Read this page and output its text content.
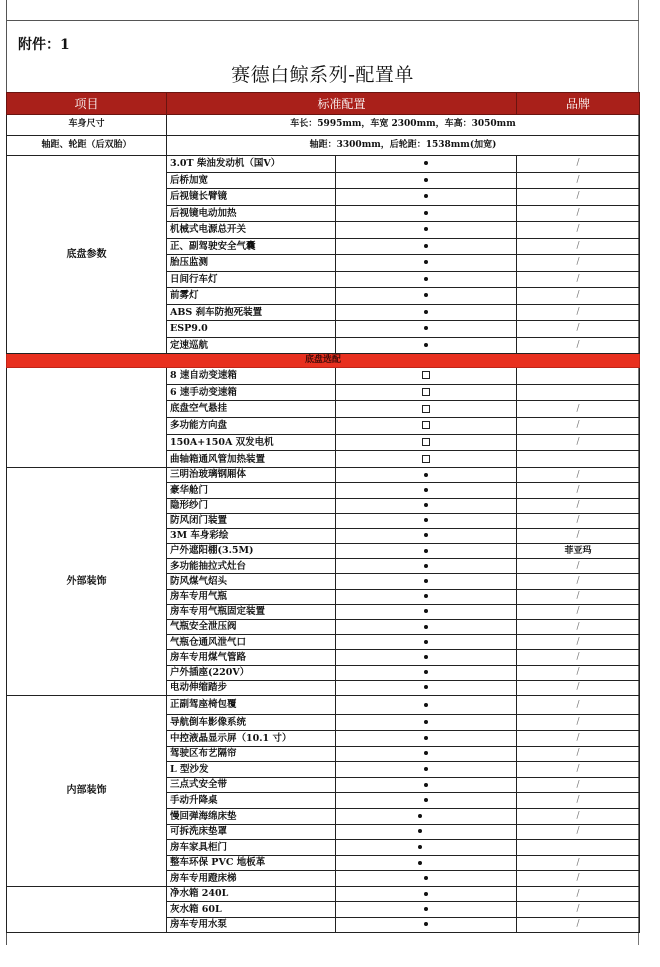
附件：1
赛德白鲸系列-配置单
项目	标准配置		品牌
车身尺寸	车长：5995mm，车宽 2300mm，车高：3050mm		
轴距、轮距（后双胎）	轴距：3300mm，后轮距：1538mm(加宽)		
底盘参数	3.0T 柴油发动机（国V）		/
	后桥加宽		/
	后视镜长臂镜		/
	后视镜电动加热		/
	机械式电源总开关		/
	正、副驾驶安全气囊		/
	胎压监测		/
	日间行车灯		/
	前雾灯		/
	ABS 刹车防抱死装置		/
	ESP9.0		/
	定速巡航		/
底盘选配			
	8 速自动变速箱		
	6 速手动变速箱		
	底盘空气悬挂		/
	多功能方向盘		/
	150A+150A 双发电机		/
	曲轴箱通风管加热装置		
外部装饰	三明治玻璃钢厢体		/
	豪华舱门		/
	隐形纱门		/
	防风闭门装置		/
	3M 车身彩绘		/
	户外遮阳棚(3.5M)		菲亚玛
	多功能抽拉式灶台		/
	防风煤气炤头		/
	房车专用气瓶		/
	房车专用气瓶固定装置		/
	气瓶安全泄压阀		/
	气瓶仓通风泄气口		/
	房车专用煤气管路		/
	户外插座(220V）		/
	电动伸缩踏步		/
内部装饰	正副驾座椅包覆		/
	导航倒车影像系统		/
	中控液晶显示屏（10.1 寸）		/
	驾驶区布艺隔帘		/
	L 型沙发		/
	三点式安全带		/
	手动升降桌		/
	慢回弹海绵床垫		/
	可拆洗床垫罩		/
	房车家具柜门		
	整车环保 PVC 地板革		/
	房车专用蹬床梯		/
	净水箱 240L		/
	灰水箱 60L		/
	房车专用水泵		/
